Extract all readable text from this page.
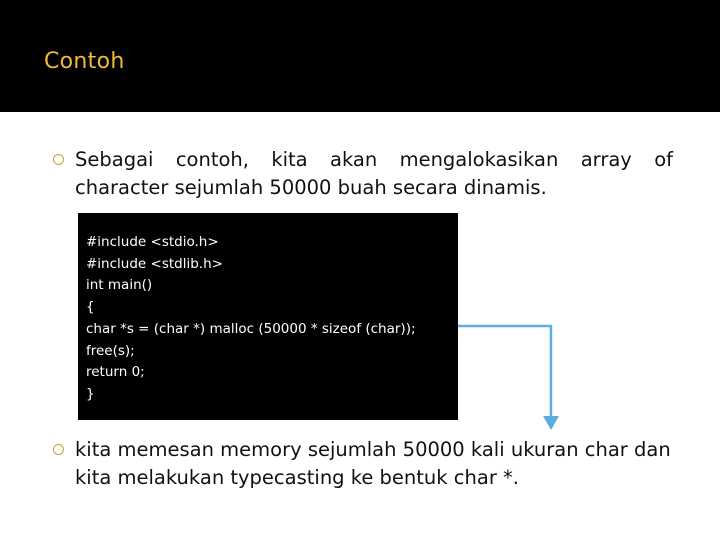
Contoh
Sebagai contoh, kita akan mengalokasikan array of character sejumlah 50000 buah secara dinamis.
#include <stdio.h>
#include <stdlib.h>
int main()
{
char *s = (char *) malloc (50000 * sizeof (char));
free(s);
return 0;
}
kita memesan memory sejumlah 50000 kali ukuran char dan kita melakukan typecasting ke bentuk char *.
